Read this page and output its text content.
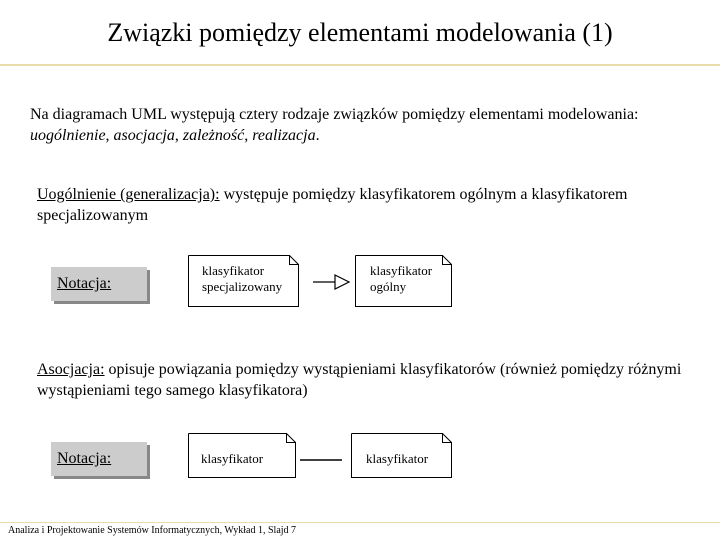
Związki pomiędzy elementami modelowania (1)
Na diagramach UML występują cztery rodzaje związków pomiędzy elementami modelowania: uogólnienie, asocjacja, zależność, realizacja.
Uogólnienie (generalizacja): występuje pomiędzy klasyfikatorem ogólnym a klasyfikatorem specjalizowanym
Notacja:
klasyfikator
specjalizowany
klasyfikator
ogólny
Asocjacja: opisuje powiązania pomiędzy wystąpieniami klasyfikatorów (również pomiędzy różnymi wystąpieniami tego samego klasyfikatora)
Notacja:	klasyfikator	klasyfikator
Analiza i Projektowanie Systemów Informatycznych, Wykład 1, Slajd 7
